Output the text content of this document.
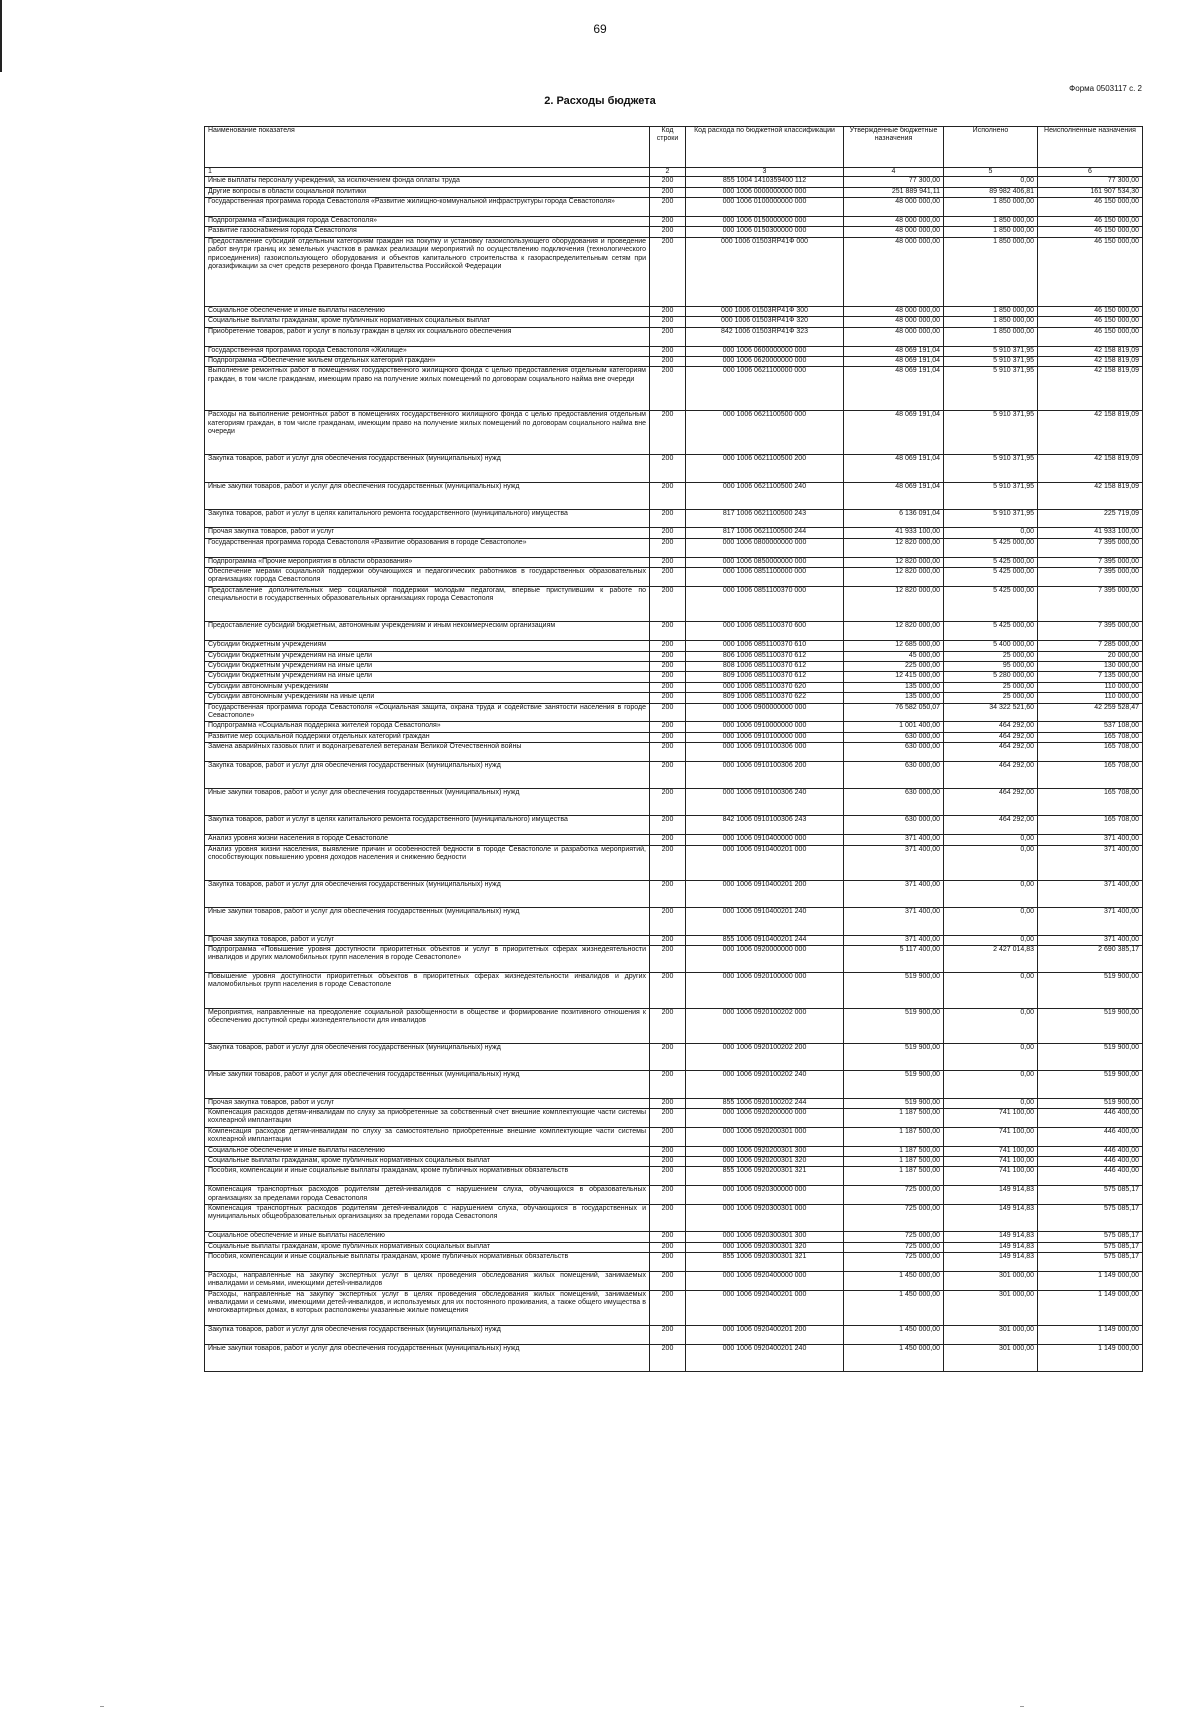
69
Форма 0503117 с. 2
2. Расходы бюджета
Наименование показателя	Код строки	Код расхода по бюджетной классификации	Утвержденные бюджетные назначения	Исполнено	Неисполненные назначения
1	2	3	4	5	6
Иные выплаты персоналу учреждений, за исключением фонда оплаты труда	200	855 1004 1410359400 112	77 300,00	0,00	77 300,00
Другие вопросы в области социальной политики	200	000 1006 0000000000 000	251 889 941,11	89 982 406,81	161 907 534,30
Государственная программа города Севастополя «Развитие жилищно-коммунальной инфраструктуры города Севастополя»	200	000 1006 0100000000 000	48 000 000,00	1 850 000,00	46 150 000,00
Подпрограмма «Газификация города Севастополя»	200	000 1006 0150000000 000	48 000 000,00	1 850 000,00	46 150 000,00
Развитие газоснабжения города Севастополя	200	000 1006 0150300000 000	48 000 000,00	1 850 000,00	46 150 000,00
Предоставление субсидий отдельным категориям граждан на покупку и установку газоиспользующего оборудования и проведение работ внутри границ их земельных участков в рамках реализации мероприятий по осуществлению подключения (технологического присоединения) газоиспользующего оборудования и объектов капитального строительства к газораспределительным сетям при догазификации за счет средств резервного фонда Правительства Российской Федерации	200	000 1006 01503RP41Ф 000	48 000 000,00	1 850 000,00	46 150 000,00
Социальное обеспечение и иные выплаты населению	200	000 1006 01503RP41Ф 300	48 000 000,00	1 850 000,00	46 150 000,00
Социальные выплаты гражданам, кроме публичных нормативных социальных выплат	200	000 1006 01503RP41Ф 320	48 000 000,00	1 850 000,00	46 150 000,00
Приобретение товаров, работ и услуг в пользу граждан в целях их социального обеспечения	200	842 1006 01503RP41Ф 323	48 000 000,00	1 850 000,00	46 150 000,00
Государственная программа города Севастополя «Жилище»	200	000 1006 0600000000 000	48 069 191,04	5 910 371,95	42 158 819,09
Подпрограмма «Обеспечение жильем отдельных категорий граждан»	200	000 1006 0620000000 000	48 069 191,04	5 910 371,95	42 158 819,09
Выполнение ремонтных работ в помещениях государственного жилищного фонда с целью предоставления отдельным категориям граждан, в том числе гражданам, имеющим право на получение жилых помещений по договорам социального найма вне очереди	200	000 1006 0621100000 000	48 069 191,04	5 910 371,95	42 158 819,09
Расходы на выполнение ремонтных работ в помещениях государственного жилищного фонда с целью предоставления отдельным категориям граждан, в том числе гражданам, имеющим право на получение жилых помещений по договорам социального найма вне очереди	200	000 1006 0621100500 000	48 069 191,04	5 910 371,95	42 158 819,09
Закупка товаров, работ и услуг для обеспечения государственных (муниципальных) нужд	200	000 1006 0621100500 200	48 069 191,04	5 910 371,95	42 158 819,09
Иные закупки товаров, работ и услуг для обеспечения государственных (муниципальных) нужд	200	000 1006 0621100500 240	48 069 191,04	5 910 371,95	42 158 819,09
Закупка товаров, работ и услуг в целях капитального ремонта государственного (муниципального) имущества	200	817 1006 0621100500 243	6 136 091,04	5 910 371,95	225 719,09
Прочая закупка товаров, работ и услуг	200	817 1006 0621100500 244	41 933 100,00	0,00	41 933 100,00
Государственная программа города Севастополя «Развитие образования в городе Севастополе»	200	000 1006 0800000000 000	12 820 000,00	5 425 000,00	7 395 000,00
Подпрограмма «Прочие мероприятия в области образования»	200	000 1006 0850000000 000	12 820 000,00	5 425 000,00	7 395 000,00
Обеспечение мерами социальной поддержки обучающихся и педагогических работников в государственных образовательных организациях города Севастополя	200	000 1006 0851100000 000	12 820 000,00	5 425 000,00	7 395 000,00
Предоставление дополнительных мер социальной поддержки молодым педагогам, впервые приступившим к работе по специальности в государственных образовательных организациях города Севастополя	200	000 1006 0851100370 000	12 820 000,00	5 425 000,00	7 395 000,00
Предоставление субсидий бюджетным, автономным учреждениям и иным некоммерческим организациям	200	000 1006 0851100370 600	12 820 000,00	5 425 000,00	7 395 000,00
Субсидии бюджетным учреждениям	200	000 1006 0851100370 610	12 685 000,00	5 400 000,00	7 285 000,00
Субсидии бюджетным учреждениям на иные цели	200	806 1006 0851100370 612	45 000,00	25 000,00	20 000,00
Субсидии бюджетным учреждениям на иные цели	200	808 1006 0851100370 612	225 000,00	95 000,00	130 000,00
Субсидии бюджетным учреждениям на иные цели	200	809 1006 0851100370 612	12 415 000,00	5 280 000,00	7 135 000,00
Субсидии автономным учреждениям	200	000 1006 0851100370 620	135 000,00	25 000,00	110 000,00
Субсидии автономным учреждениям на иные цели	200	809 1006 0851100370 622	135 000,00	25 000,00	110 000,00
Государственная программа города Севастополя «Социальная защита, охрана труда и содействие занятости населения в городе Севастополе»	200	000 1006 0900000000 000	76 582 050,07	34 322 521,60	42 259 528,47
Подпрограмма «Социальная поддержка жителей города Севастополя»	200	000 1006 0910000000 000	1 001 400,00	464 292,00	537 108,00
Развитие мер социальной поддержки отдельных категорий граждан	200	000 1006 0910100000 000	630 000,00	464 292,00	165 708,00
Замена аварийных газовых плит и водонагревателей ветеранам Великой Отечественной войны	200	000 1006 0910100306 000	630 000,00	464 292,00	165 708,00
Закупка товаров, работ и услуг для обеспечения государственных (муниципальных) нужд	200	000 1006 0910100306 200	630 000,00	464 292,00	165 708,00
Иные закупки товаров, работ и услуг для обеспечения государственных (муниципальных) нужд	200	000 1006 0910100306 240	630 000,00	464 292,00	165 708,00
Закупка товаров, работ и услуг в целях капитального ремонта государственного (муниципального) имущества	200	842 1006 0910100306 243	630 000,00	464 292,00	165 708,00
Анализ уровня жизни населения в городе Севастополе	200	000 1006 0910400000 000	371 400,00	0,00	371 400,00
Анализ уровня жизни населения, выявление причин и особенностей бедности в городе Севастополе и разработка мероприятий, способствующих повышению уровня доходов населения и снижению бедности	200	000 1006 0910400201 000	371 400,00	0,00	371 400,00
Закупка товаров, работ и услуг для обеспечения государственных (муниципальных) нужд	200	000 1006 0910400201 200	371 400,00	0,00	371 400,00
Иные закупки товаров, работ и услуг для обеспечения государственных (муниципальных) нужд	200	000 1006 0910400201 240	371 400,00	0,00	371 400,00
Прочая закупка товаров, работ и услуг	200	855 1006 0910400201 244	371 400,00	0,00	371 400,00
Подпрограмма «Повышение уровня доступности приоритетных объектов и услуг в приоритетных сферах жизнедеятельности инвалидов и других маломобильных групп населения в городе Севастополе»	200	000 1006 0920000000 000	5 117 400,00	2 427 014,83	2 690 385,17
Повышение уровня доступности приоритетных объектов в приоритетных сферах жизнедеятельности инвалидов и других маломобильных групп населения в городе Севастополе	200	000 1006 0920100000 000	519 900,00	0,00	519 900,00
Мероприятия, направленные на преодоление социальной разобщенности в обществе и формирование позитивного отношения к обеспечению доступной среды жизнедеятельности для инвалидов	200	000 1006 0920100202 000	519 900,00	0,00	519 900,00
Закупка товаров, работ и услуг для обеспечения государственных (муниципальных) нужд	200	000 1006 0920100202 200	519 900,00	0,00	519 900,00
Иные закупки товаров, работ и услуг для обеспечения государственных (муниципальных) нужд	200	000 1006 0920100202 240	519 900,00	0,00	519 900,00
Прочая закупка товаров, работ и услуг	200	855 1006 0920100202 244	519 900,00	0,00	519 900,00
Компенсация расходов детям-инвалидам по слуху за приобретенные за собственный счет внешние комплектующие части системы кохлеарной имплантации	200	000 1006 0920200000 000	1 187 500,00	741 100,00	446 400,00
Компенсация расходов детям-инвалидам по слуху за самостоятельно приобретенные внешние комплектующие части системы кохлеарной имплантации	200	000 1006 0920200301 000	1 187 500,00	741 100,00	446 400,00
Социальное обеспечение и иные выплаты населению	200	000 1006 0920200301 300	1 187 500,00	741 100,00	446 400,00
Социальные выплаты гражданам, кроме публичных нормативных социальных выплат	200	000 1006 0920200301 320	1 187 500,00	741 100,00	446 400,00
Пособия, компенсации и иные социальные выплаты гражданам, кроме публичных нормативных обязательств	200	855 1006 0920200301 321	1 187 500,00	741 100,00	446 400,00
Компенсация транспортных расходов родителям детей-инвалидов с нарушением слуха, обучающихся в образовательных организациях за пределами города Севастополя	200	000 1006 0920300000 000	725 000,00	149 914,83	575 085,17
Компенсация транспортных расходов родителям детей-инвалидов с нарушением слуха, обучающихся в государственных и муниципальных общеобразовательных организациях за пределами города Севастополя	200	000 1006 0920300301 000	725 000,00	149 914,83	575 085,17
Социальное обеспечение и иные выплаты населению	200	000 1006 0920300301 300	725 000,00	149 914,83	575 085,17
Социальные выплаты гражданам, кроме публичных нормативных социальных выплат	200	000 1006 0920300301 320	725 000,00	149 914,83	575 085,17
Пособия, компенсации и иные социальные выплаты гражданам, кроме публичных нормативных обязательств	200	855 1006 0920300301 321	725 000,00	149 914,83	575 085,17
Расходы, направленные на закупку экспертных услуг в целях проведения обследования жилых помещений, занимаемых инвалидами и семьями, имеющими детей-инвалидов	200	000 1006 0920400000 000	1 450 000,00	301 000,00	1 149 000,00
Расходы, направленные на закупку экспертных услуг в целях проведения обследования жилых помещений, занимаемых инвалидами и семьями, имеющими детей-инвалидов, и используемых для их постоянного проживания, а также общего имущества в многоквартирных домах, в которых расположены указанные жилые помещения	200	000 1006 0920400201 000	1 450 000,00	301 000,00	1 149 000,00
Закупка товаров, работ и услуг для обеспечения государственных (муниципальных) нужд	200	000 1006 0920400201 200	1 450 000,00	301 000,00	1 149 000,00
Иные закупки товаров, работ и услуг для обеспечения государственных (муниципальных) нужд	200	000 1006 0920400201 240	1 450 000,00	301 000,00	1 149 000,00
